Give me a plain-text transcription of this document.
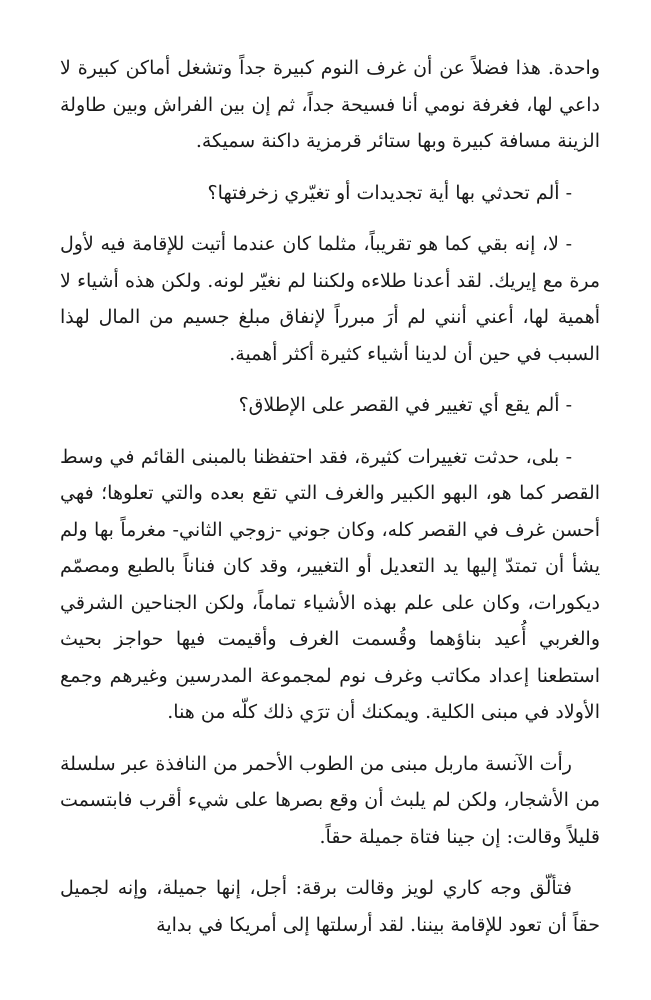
واحدة. هذا فضلاً عن أن غرف النوم كبيرة جداً وتشغل أماكن كبيرة لا داعي لها، فغرفة نومي أنا فسيحة جداً، ثم إن بين الفراش وبين طاولة الزينة مسافة كبيرة وبها ستائر قرمزية داكنة سميكة.

- ألم تحدثي بها أية تجديدات أو تغيّري زخرفتها؟

- لا، إنه بقي كما هو تقريباً، مثلما كان عندما أتيت للإقامة فيه لأول مرة مع إيريك. لقد أعدنا طلاءه ولكننا لم نغيّر لونه. ولكن هذه أشياء لا أهمية لها، أعني أنني لم أرَ مبرراً لإنفاق مبلغ جسيم من المال لهذا السبب في حين أن لدينا أشياء كثيرة أكثر أهمية.

- ألم يقع أي تغيير في القصر على الإطلاق؟

- بلى، حدثت تغييرات كثيرة، فقد احتفظنا بالمبنى القائم في وسط القصر كما هو، البهو الكبير والغرف التي تقع بعده والتي تعلوها؛ فهي أحسن غرف في القصر كله، وكان جوني -زوجي الثاني- مغرماً بها ولم يشأ أن تمتدّ إليها يد التعديل أو التغيير، وقد كان فناناً بالطبع ومصمّم ديكورات، وكان على علم بهذه الأشياء تماماً، ولكن الجناحين الشرقي والغربي أُعيد بناؤهما وقُسمت الغرف وأقيمت فيها حواجز بحيث استطعنا إعداد مكاتب وغرف نوم لمجموعة المدرسين وغيرهم وجمع الأولاد في مبنى الكلية. ويمكنك أن ترَي ذلك كلّه من هنا.

رأت الآنسة ماربل مبنى من الطوب الأحمر من النافذة عبر سلسلة من الأشجار، ولكن لم يلبث أن وقع بصرها على شيء أقرب فابتسمت قليلاً وقالت: إن جينا فتاة جميلة حقاً.

فتألّق وجه كاري لويز وقالت برقة: أجل، إنها جميلة، وإنه لجميل حقاً أن تعود للإقامة بيننا. لقد أرسلتها إلى أمريكا في بداية
